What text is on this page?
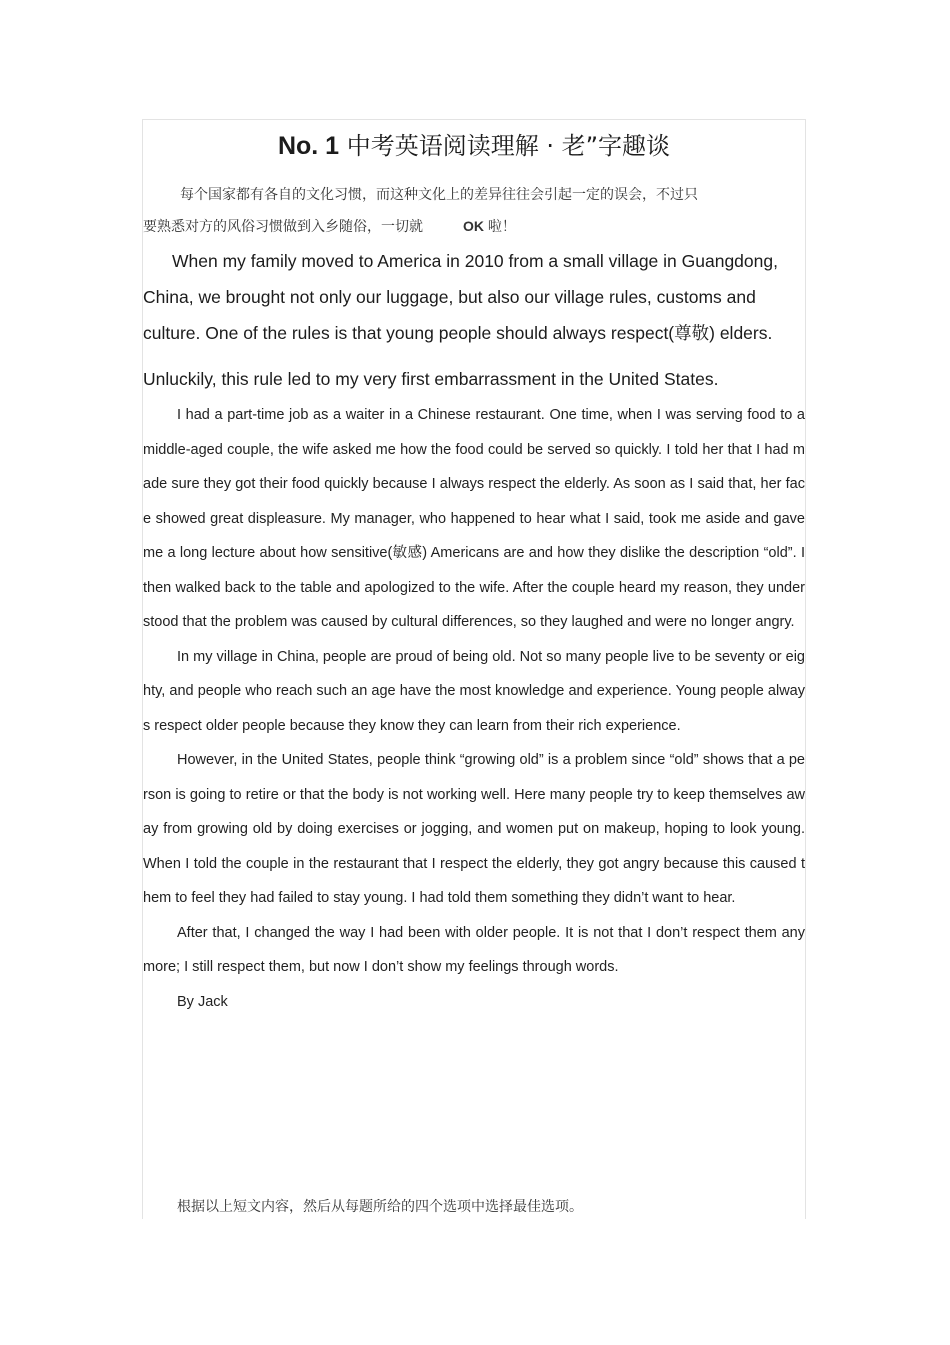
No. 1 中考英语阅读理解 · 老”字趣谈

每个国家都有各自的文化习惯，而这种文化上的差异往往会引起一定的误会，不过只

要熟悉对方的风俗习惯做到入乡随俗，一切就	OK 啦！

When my family moved to America in 2010 from a small village in Guangdong, China, we brought not only our luggage, but also our village rules, customs and culture. One of the rules is that young people should always respect(尊敬) elders.

Unluckily, this rule led to my very first embarrassment in the United States.

I had a part-time job as a waiter in a Chinese restaurant. One time, when I was serving food to a middle-aged couple, the wife asked me how the food could be served so quickly. I told her that I had made sure they got their food quickly because I always respect the elderly. As soon as I said that, her face showed great displeasure. My manager, who happened to hear what I said, took me aside and gave me a long lecture about how sensitive(敏感) Americans are and how they dislike the description “old”. I then walked back to the table and apologized to the wife. After the couple heard my reason, they understood that the problem was caused by cultural differences, so they laughed and were no longer angry.

In my village in China, people are proud of being old. Not so many people live to be seventy or eighty, and people who reach such an age have the most knowledge and experience. Young people always respect older people because they know they can learn from their rich experience.

However, in the United States, people think “growing old” is a problem since “old” shows that a person is going to retire or that the body is not working well. Here many people try to keep themselves away from growing old by doing exercises or jogging, and women put on makeup, hoping to look young. When I told the couple in the restaurant that I respect the elderly, they got angry because this caused them to feel they had failed to stay young. I had told them something they didn’t want to hear.

After that, I changed the way I had been with older people. It is not that I don’t respect them any more; I still respect them, but now I don’t show my feelings through words.

By Jack

根据以上短文内容，然后从每题所给的四个选项中选择最佳选项。
